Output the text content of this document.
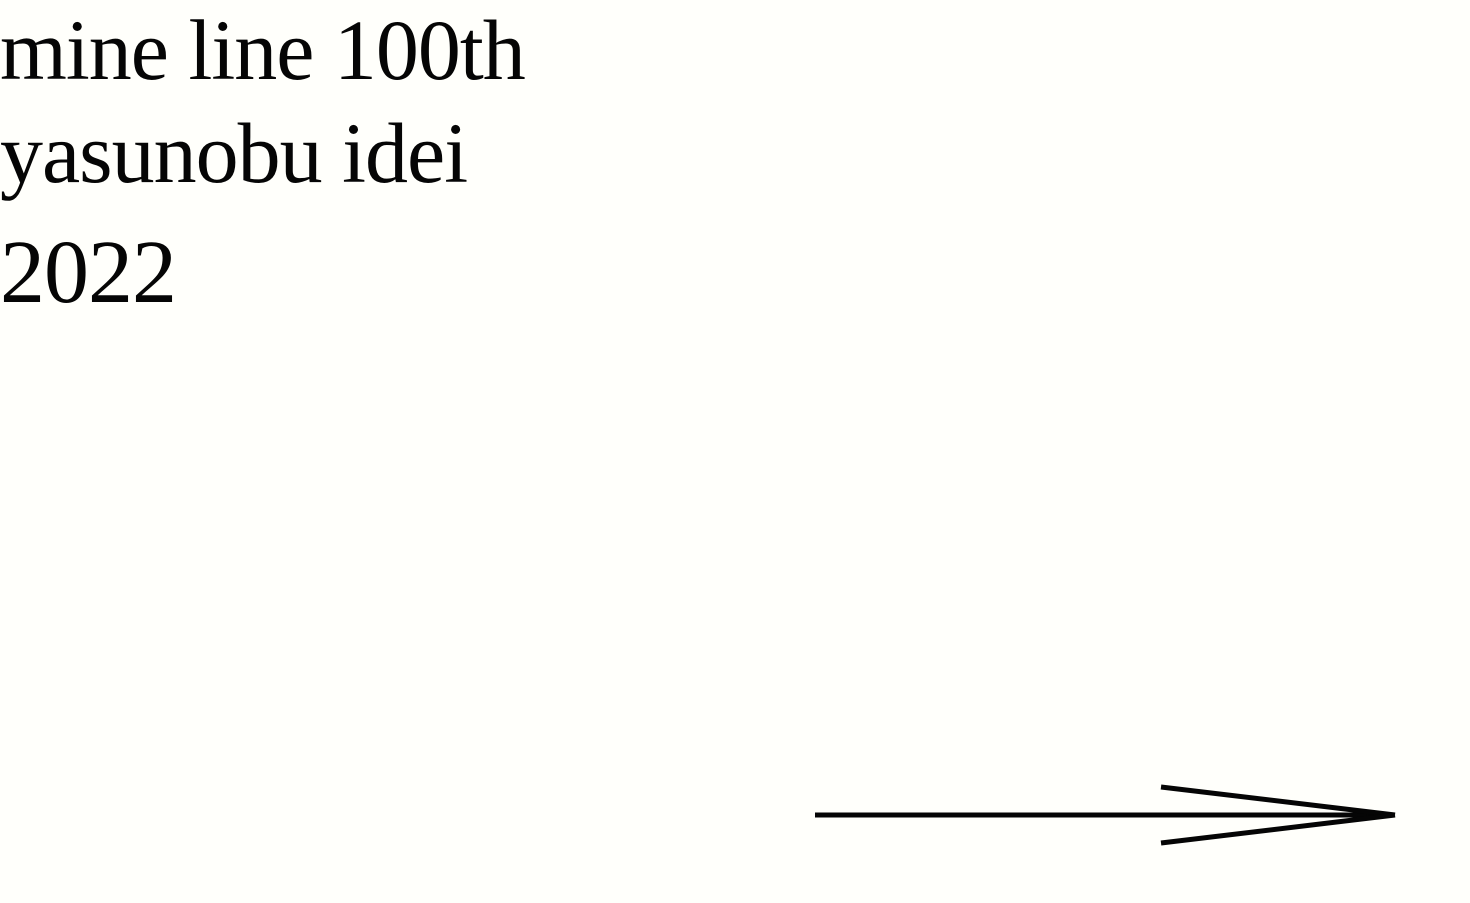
mine line 100th
yasunobu idei
2022
